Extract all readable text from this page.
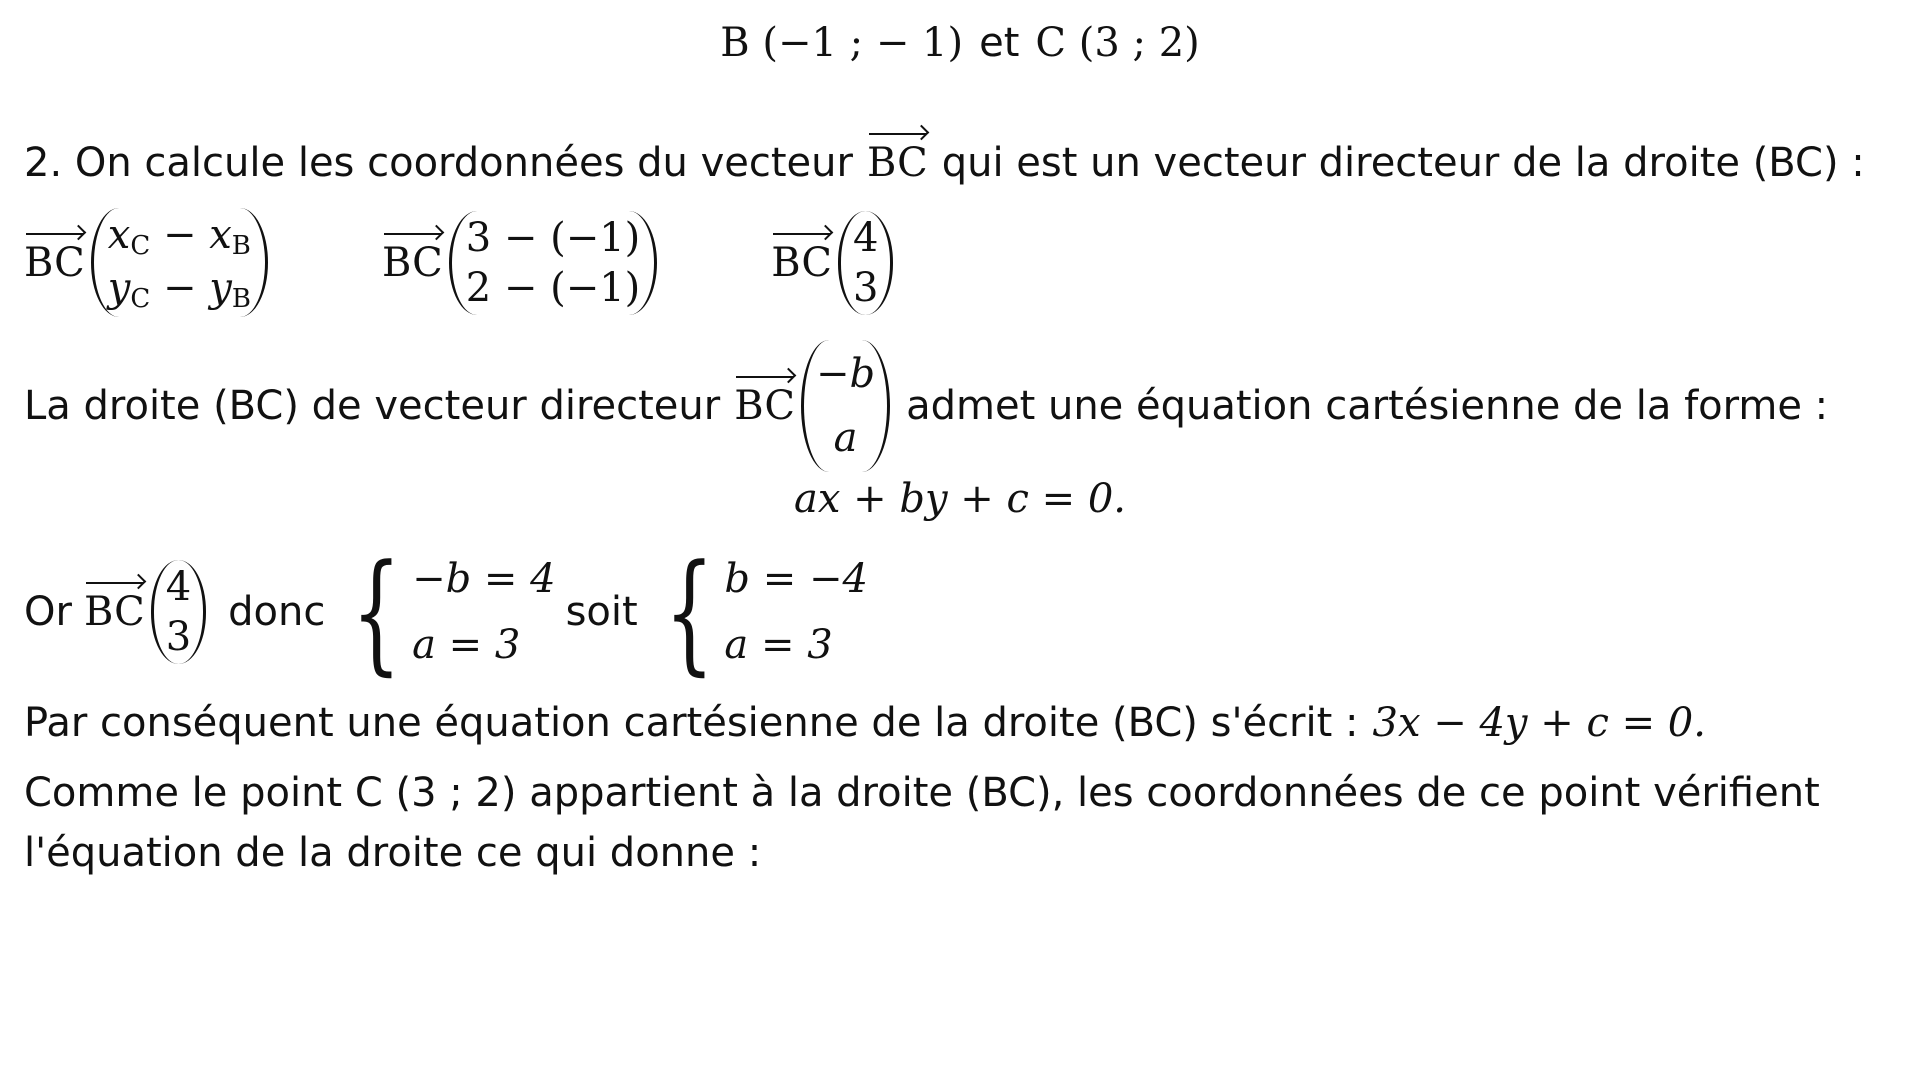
B (−1 ; − 1) et C (3 ; 2)
2. On calcule les coordonnées du vecteur BC qui est un vecteur directeur de la droite (BC) :
BC
$x_C - x_B$
$y_C - y_B$
BC
3 − (−1)
2 − (−1)
BC
4
3
La droite (BC) de vecteur directeur BC
−b
a
admet une équation cartésienne de la forme :
ax + by + c = 0.
Or BC
4
3
donc { −b = 4
a = 3
soit { b = −4
a = 3
Par conséquent une équation cartésienne de la droite (BC) s'écrit : 3x − 4y + c = 0.
Comme le point C (3 ; 2) appartient à la droite (BC), les coordonnées de ce point vérifient
l'équation de la droite ce qui donne :
